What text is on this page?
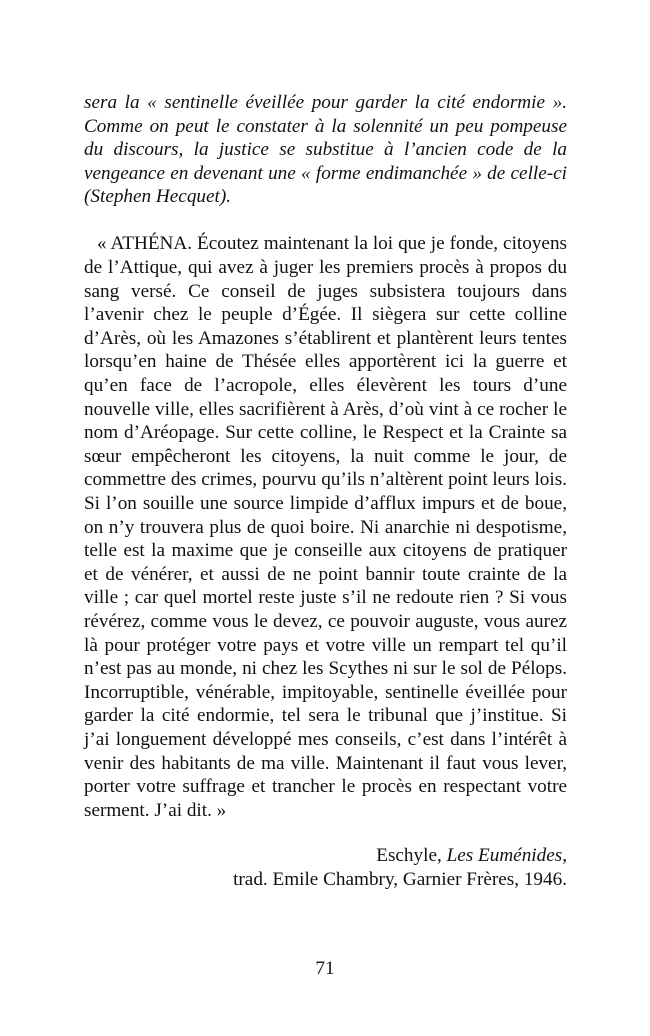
sera la « sentinelle éveillée pour garder la cité endormie ». Comme on peut le constater à la solennité un peu pompeuse du discours, la justice se substitue à l’ancien code de la vengeance en devenant une « forme endimanchée » de celle-ci (Stephen Hecquet).

« ATHÉNA. Écoutez maintenant la loi que je fonde, citoyens de l’Attique, qui avez à juger les premiers procès à propos du sang versé. Ce conseil de juges subsistera toujours dans l’avenir chez le peuple d’Égée. Il siègera sur cette colline d’Arès, où les Amazones s’établirent et plantèrent leurs tentes lorsqu’en haine de Thésée elles apportèrent ici la guerre et qu’en face de l’acropole, elles élevèrent les tours d’une nouvelle ville, elles sacrifièrent à Arès, d’où vint à ce rocher le nom d’Aréopage. Sur cette colline, le Respect et la Crainte sa sœur empêcheront les citoyens, la nuit comme le jour, de commettre des crimes, pourvu qu’ils n’altèrent point leurs lois. Si l’on souille une source limpide d’afflux impurs et de boue, on n’y trouvera plus de quoi boire. Ni anarchie ni despotisme, telle est la maxime que je conseille aux citoyens de pratiquer et de vénérer, et aussi de ne point bannir toute crainte de la ville ; car quel mortel reste juste s’il ne redoute rien ? Si vous révérez, comme vous le devez, ce pouvoir auguste, vous aurez là pour protéger votre pays et votre ville un rempart tel qu’il n’est pas au monde, ni chez les Scythes ni sur le sol de Pélops. Incorruptible, vénérable, impitoyable, sentinelle éveillée pour garder la cité endormie, tel sera le tribunal que j’institue. Si j’ai longuement développé mes conseils, c’est dans l’intérêt à venir des habitants de ma ville. Maintenant il faut vous lever, porter votre suffrage et trancher le procès en respectant votre serment. J’ai dit. »

Eschyle, Les Euménides,
trad. Emile Chambry, Garnier Frères, 1946.
71
